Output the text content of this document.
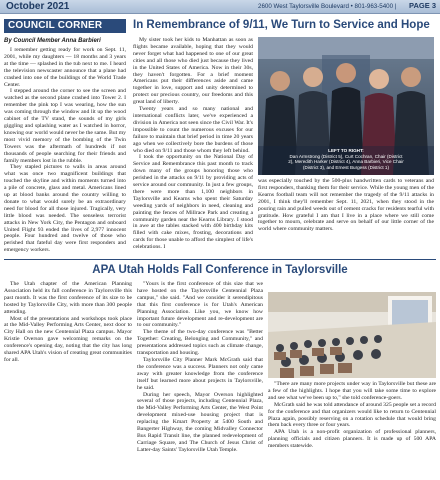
October 2021	2600 West Taylorsville Boulevard • 801-963-5400 | PAGE 3
COUNCIL CORNER
By Council Member Anna Barbieri

I remember getting ready for work on Sept. 11, 2001, while my daughters — 18 months and 3 years at the time — splashed in the tub next to me. I heard the television newscaster announce that a plane had crashed into one of the buildings of the World Trade Center.

I stepped around the corner to see the screen and watched as the second plane crashed into Tower 2. I remember the pink top I was wearing, how the sun was coming through the window and lit up the wood cabinet of the TV stand, the sounds of my girls giggling and splashing water as I watched in horror, knowing our world would never be the same. But my most vivid memory of the bombing of the Twin Towers was the aftermath of hundreds if not thousands of people searching for their friends and family members lost in the rubble.

They stapled pictures to walls in areas around what was once two magnificent buildings that touched the skyline and within moments turned into a pile of concrete, glass and metal. Americans lined up at blood banks around the country willing to donate to what would surely be an extraordinary need for blood for all those injured. Tragically, very little blood was needed. The senseless terrorist attacks in New York City, the Pentagon and onboard United Flight 93 ended the lives of 2,977 innocent people. Four hundred and twelve of those who perished that fateful day were first responders and emergency workers.

In Remembrance of 9/11, We Turn to Service and Hope

My sister took her kids to Manhattan as soon as flights became available, hoping that they would never forget what had happened to one of our great cities and all those who died just because they lived in the United States of America. Now in their 30s, they haven't forgotten. For a brief moment Americans put their differences aside and came together in love, support and unity determined to protect our precious country, our freedoms and this great land of liberty.

Twenty years and so many national and international conflicts later, we've experienced a division in America not seen since the Civil War. It's impossible to count the numerous excuses for our failure to maintain that brief period in time 20 years ago when we collectively bore the burdens of those who died on 9/11 and those whom they left behind.

I took the opportunity on the National Day of Service and Remembrance this past month to track down many of the groups honoring those who perished in the attacks on 9/11 by providing acts of service around our community. In just a few groups, there were more than 1,100 neighbors in Taylorsville and Kearns who spent their Saturday weeding yards of neighbors in need, cleaning and painting the fences of Millrace Park and creating a community garden near the Kearns Library. I stood in awe at the tables stacked with 400 birthday kits filled with cake mixes, frosting, decorations and cards for those unable to afford the simplest of life's celebrations. I

LEFT TO RIGHT:
Dan Armstrong (District 5), Curt Cochran, Chair (District
2), Meredith Harker (District 4), Anna Barbieri, Vice Chair
(District 3), and Ernest Burgess (District 1)

was especially touched by the 500-plus handwritten cards to veterans and first responders, thanking them for their service. While the young men of the Kearns football team will not remember the tragedy of the 9/11 attacks in 2001, I think they'll remember Sept. 11, 2021, when they stood in the pouring rain and pulled weeds out of cement cracks for residents tearful with gratitude. How grateful I am that I live in a place where we still come together to mourn, celebrate and serve on behalf of our little corner of the world where community matters.

APA Utah Holds Fall Conference in Taylorsville

The Utah chapter of the American Planning Association held its fall conference in Taylorsville this past month. It was the first conference of its size to be hosted by Taylorsville City, with more than 300 people attending.

Most of the presentations and workshops took place at the Mid-Valley Performing Arts Center, next door to City Hall on the new Centennial Plaza campus. Mayor Kristie Overson gave welcoming remarks on the conference's opening day, noting that the city has long shared APA Utah's vision of creating great communities for all.

"Yours is the first conference of this size that we have hosted on the Taylorsville Centennial Plaza campus," she said. "And we consider it serendipitous that this first conference is for Utah's American Planning Association. Like you, we know how important future development and re-development are to our community."

The theme of the two-day conference was "Better Together: Creating, Belonging and Community," and presentations addressed topics such as climate change, transportation and housing.

Taylorsville City Planner Mark McGrath said that the conference was a success. Planners not only came away with greater knowledge from the conference itself but learned more about projects in Taylorsville, he said.

During her speech, Mayor Overson highlighted several of those projects, including Centennial Plaza, the Mid-Valley Performing Arts Center, the West Point development mixed-use housing project that is replacing the Kmart Property at 5400 South and Bangerter Highway, the coming Midvalley Connector Bus Rapid Transit line, the planned redevelopment of Carriage Square, and The Church of Jesus Christ of Latter-day Saints' Taylorsville Utah Temple.

"There are many more projects under way in Taylorsville but these are a few of the highlights. I hope that you will take some time to explore and see what we've been up to," she told conference-goers.

McGrath said he was told attendance of around 325 people set a record for the conference and that organizers would like to return to Centennial Plaza again, possibly reserving on a rotation schedule that would bring them back every three or four years.

APA Utah is a non-profit organization of professional planners, planning officials and citizen planners. It is made up of 500 APA members statewide.
